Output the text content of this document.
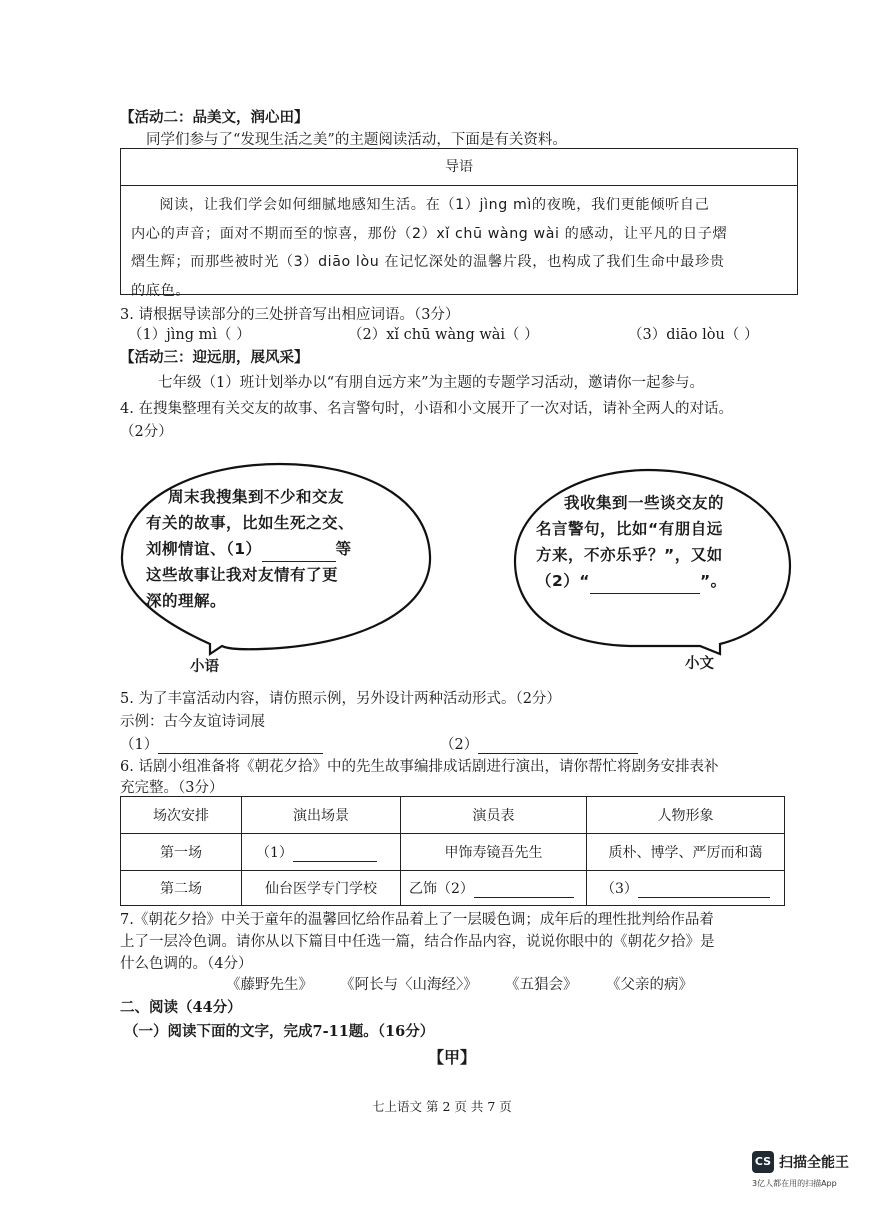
【活动二：品美文，润心田】
同学们参与了“发现生活之美”的主题阅读活动，下面是有关资料。
导语

阅读，让我们学会如何细腻地感知生活。在（1）jìng mì的夜晚，我们更能倾听自己

内心的声音；面对不期而至的惊喜，那份（2）xǐ chū wàng wài 的感动，让平凡的日子熠
熠生辉；而那些被时光（3）diāo lòu 在记忆深处的温馨片段，也构成了我们生命中最珍贵
的底色。
3. 请根据导读部分的三处拼音写出相应词语。（3分）
（1）jìng mì（ ）	（2）xǐ chū wàng wài（ ）	（3）diāo lòu（ ）
【活动三：迎远朋，展风采】
七年级（1）班计划举办以“有朋自远方来”为主题的专题学习活动，邀请你一起参与。
4. 在搜集整理有关交友的故事、名言警句时，小语和小文展开了一次对话，请补全两人的对话。
（2分）
周末我搜集到不少和交友
有关的故事，比如生死之交、
刘柳情谊、（1）	等
这些故事让我对友情有了更
深的理解。
我收集到一些谈交友的
名言警句，比如“有朋自远
方来，不亦乐乎？”，又如
（2）“	”。
小语	小文
5. 为了丰富活动内容，请仿照示例，另外设计两种活动形式。（2分）
示例：古今友谊诗词展
（1）	（2）
6. 话剧小组准备将《朝花夕拾》中的先生故事编排成话剧进行演出，请你帮忙将剧务安排表补
充完整。（3分）
场次安排	演出场景	演员表	人物形象
第一场	（1）	甲饰寿镜吾先生	质朴、博学、严厉而和蔼
第二场	仙台医学专门学校	乙饰（2）	（3）
7.《朝花夕拾》中关于童年的温馨回忆给作品着上了一层暖色调；成年后的理性批判给作品着
上了一层冷色调。请你从以下篇目中任选一篇，结合作品内容，说说你眼中的《朝花夕拾》是
什么色调的。（4分）
《藤野先生》 《阿长与〈山海经〉》 《五猖会》 《父亲的病》
二、阅读（44分）
（一）阅读下面的文字，完成7-11题。（16分）
【甲】
七上语文 第 2 页 共 7 页
CS 扫描全能王
3亿人都在用的扫描App
